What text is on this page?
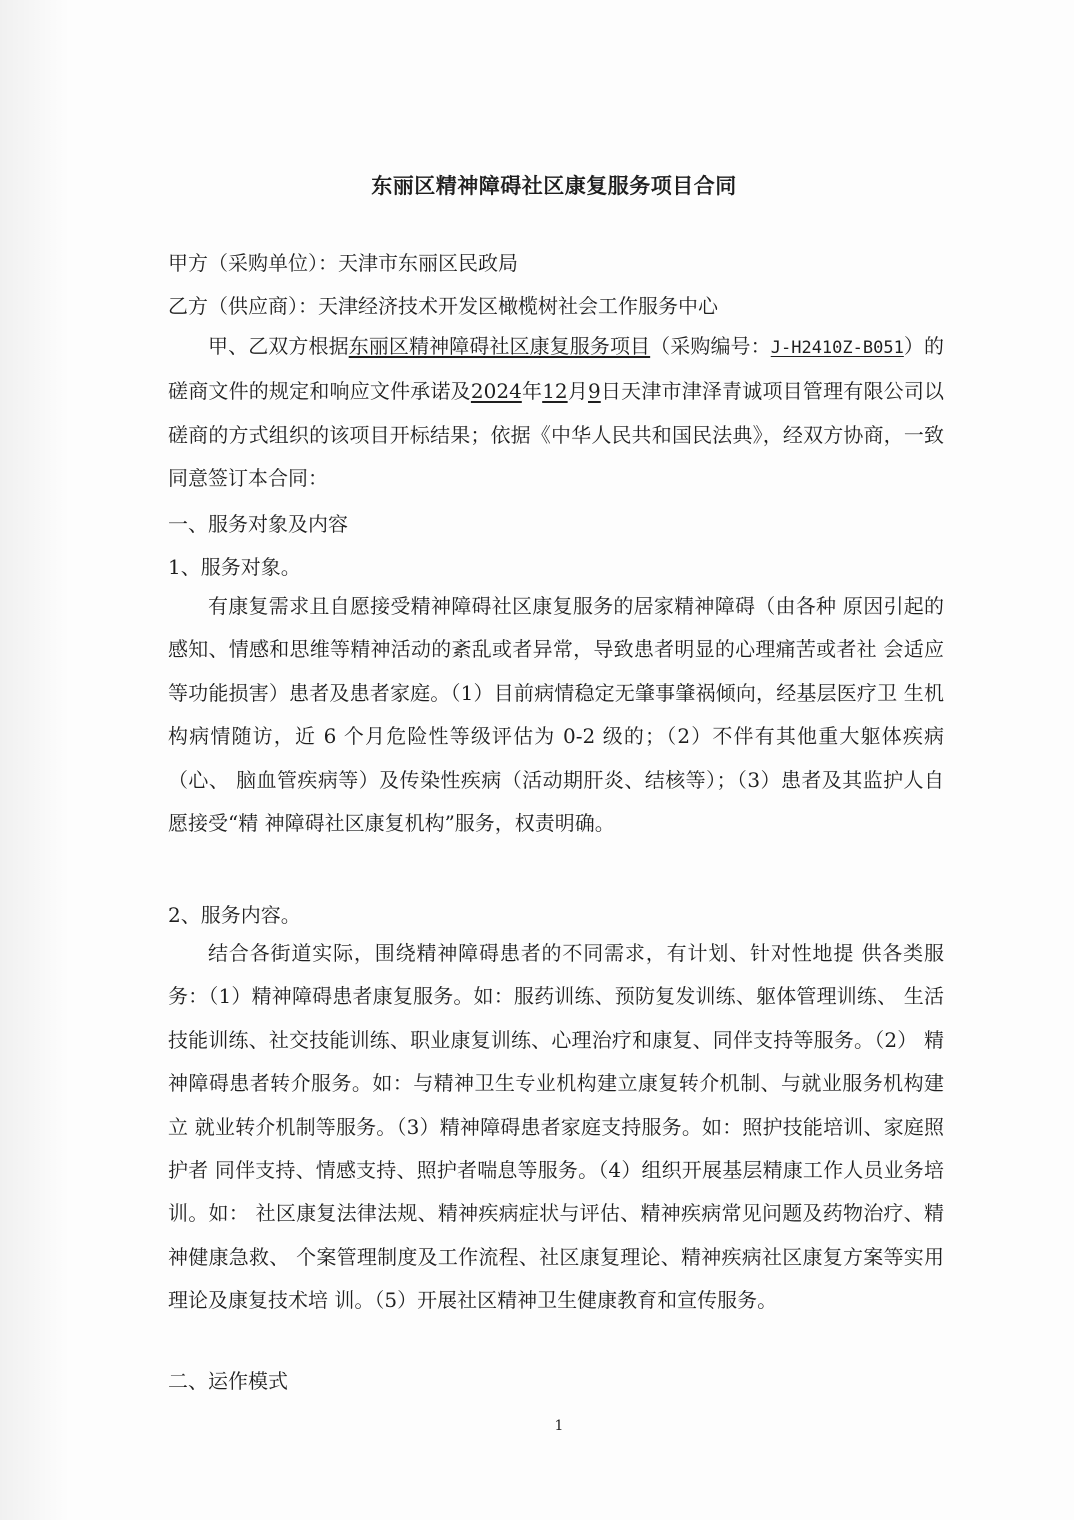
东丽区精神障碍社区康复服务项目合同
甲方（采购单位）：天津市东丽区民政局
乙方（供应商）：天津经济技术开发区橄榄树社会工作服务中心
甲、乙双方根据东丽区精神障碍社区康复服务项目（采购编号：J-H2410Z-B051）的磋商文件的规定和响应文件承诺及2024年12月9日天津市津泽青诚项目管理有限公司以磋商的方式组织的该项目开标结果；依据《中华人民共和国民法典》，经双方协商，一致同意签订本合同：
一、服务对象及内容
1、服务对象。
有康复需求且自愿接受精神障碍社区康复服务的居家精神障碍（由各种 原因引起的感知、情感和思维等精神活动的紊乱或者异常，导致患者明显的心理痛苦或者社 会适应等功能损害）患者及患者家庭。（1）目前病情稳定无肇事肇祸倾向，经基层医疗卫 生机构病情随访，近 6 个月危险性等级评估为 0-2 级的；（2）不伴有其他重大躯体疾病（心、 脑血管疾病等）及传染性疾病（活动期肝炎、结核等）；（3）患者及其监护人自愿接受“精 神障碍社区康复机构”服务，权责明确。
2、服务内容。
结合各街道实际，围绕精神障碍患者的不同需求，有计划、针对性地提 供各类服务：（1）精神障碍患者康复服务。如：服药训练、预防复发训练、躯体管理训练、 生活技能训练、社交技能训练、职业康复训练、心理治疗和康复、同伴支持等服务。（2） 精神障碍患者转介服务。如：与精神卫生专业机构建立康复转介机制、与就业服务机构建立 就业转介机制等服务。（3）精神障碍患者家庭支持服务。如：照护技能培训、家庭照护者 同伴支持、情感支持、照护者喘息等服务。（4）组织开展基层精康工作人员业务培训。如： 社区康复法律法规、精神疾病症状与评估、精神疾病常见问题及药物治疗、精神健康急救、 个案管理制度及工作流程、社区康复理论、精神疾病社区康复方案等实用理论及康复技术培 训。（5）开展社区精神卫生健康教育和宣传服务。
二、运作模式
1
